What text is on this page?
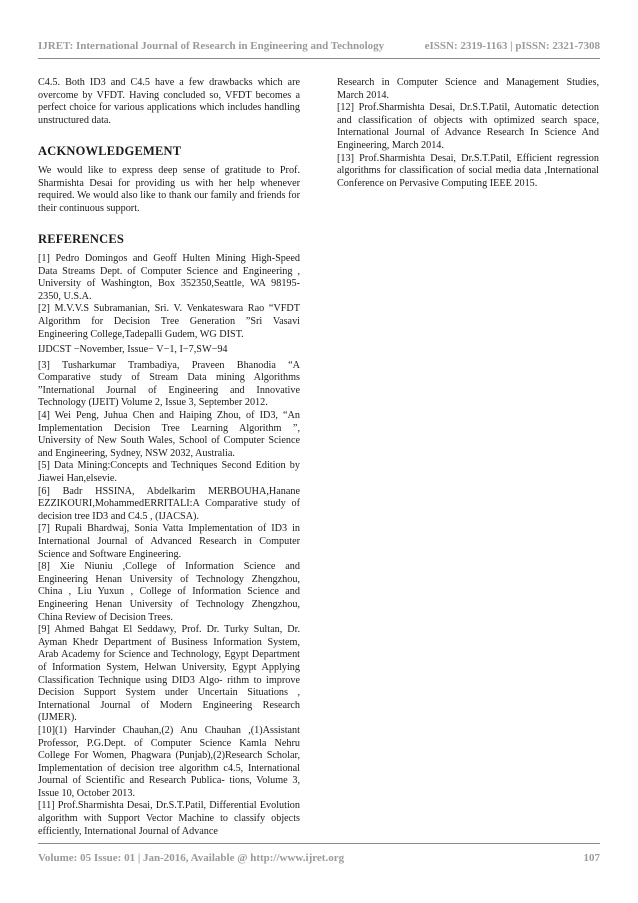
IJRET: International Journal of Research in Engineering and Technology	eISSN: 2319-1163 | pISSN: 2321-7308

C4.5. Both ID3 and C4.5 have a few drawbacks which are overcome by VFDT. Having concluded so, VFDT becomes a perfect choice for various applications which includes handling unstructured data.

ACKNOWLEDGEMENT

We would like to express deep sense of gratitude to Prof. Sharmishta Desai for providing us with her help whenever required. We would also like to thank our family and friends for their continuous support.

REFERENCES

[1] Pedro Domingos and Geoff Hulten Mining High-Speed Data Streams Dept. of Computer Science and Engineering , University of Washington, Box 352350,Seattle, WA 98195-2350, U.S.A.

[2] M.V.V.S Subramanian, Sri. V. Venkateswara Rao “VFDT Algorithm for Decision Tree Generation ”Sri Vasavi Engineering College,Tadepalli Gudem, WG DIST.

IJDCST −November, Issue− V−1, I−7,SW−94

[3] Tusharkumar Trambadiya, Praveen Bhanodia “A Comparative study of Stream Data mining Algorithms ”International Journal of Engineering and Innovative Technology (IJEIT) Volume 2, Issue 3, September 2012.

[4] Wei Peng, Juhua Chen and Haiping Zhou, of ID3, “An Implementation Decision Tree Learning Algorithm ”, University of New South Wales, School of Computer Science and Engineering, Sydney, NSW 2032, Australia.

[5] Data Mining:Concepts and Techniques Second Edition by Jiawei Han,elsevie.

[6] Badr HSSINA, Abdelkarim MERBOUHA,Hanane EZZIKOURI,MohammedERRITALI:A Comparative study of decision tree ID3 and C4.5 , (IJACSA).

[7] Rupali Bhardwaj, Sonia Vatta Implementation of ID3 in International Journal of Advanced Research in Computer Science and Software Engineering.

[8] Xie Niuniu ,College of Information Science and Engineering Henan University of Technology Zhengzhou, China , Liu Yuxun , College of Information Science and Engineering Henan University of Technology Zhengzhou, China Review of Decision Trees.

[9] Ahmed Bahgat El Seddawy, Prof. Dr. Turky Sultan, Dr. Ayman Khedr Department of Business Information System, Arab Academy for Science and Technology, Egypt Department of Information System, Helwan University, Egypt Applying Classification Technique using DID3 Algo- rithm to improve Decision Support System under Uncertain Situations , International Journal of Modern Engineering Research (IJMER).

[10](1) Harvinder Chauhan,(2) Anu Chauhan ,(1)Assistant Professor, P.G.Dept. of Computer Science Kamla Nehru College For Women, Phagwara (Punjab),(2)Research Scholar, Implementation of decision tree algorithm c4.5, International Journal of Scientific and Research Publica- tions, Volume 3, Issue 10, October 2013.

[11] Prof.Sharmishta Desai, Dr.S.T.Patil, Differential Evolution algorithm with Support Vector Machine to classify objects efficiently, International Journal of Advance

Research in Computer Science and Management Studies, March 2014.

[12] Prof.Sharmishta Desai, Dr.S.T.Patil, Automatic detection and classification of objects with optimized search space, International Journal of Advance Research In Science And Engineering, March 2014.

[13] Prof.Sharmishta Desai, Dr.S.T.Patil, Efficient regression algorithms for classification of social media data ,International Conference on Pervasive Computing IEEE 2015.

Volume: 05 Issue: 01 | Jan-2016, Available @ http://www.ijret.org	107
